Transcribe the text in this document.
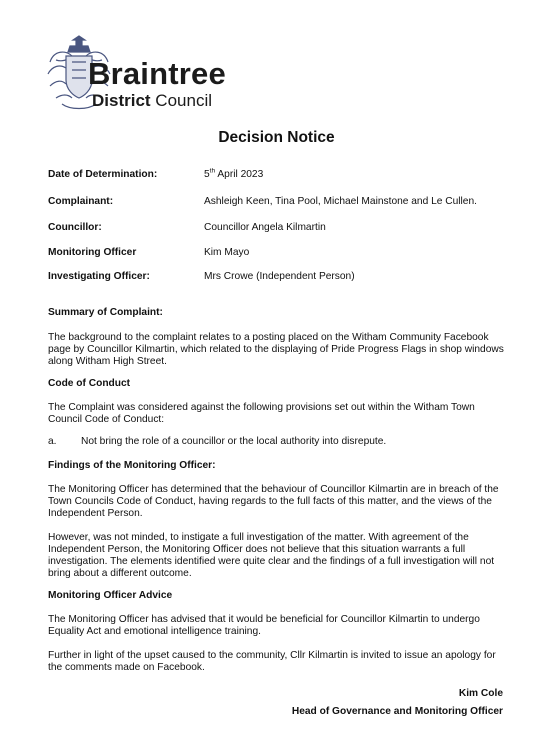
Braintree
District Council
Decision Notice
Date of Determination:	5th April 2023
Complainant:	Ashleigh Keen, Tina Pool, Michael Mainstone and Le Cullen.
Councillor:	Councillor Angela Kilmartin
Monitoring Officer	Kim Mayo
Investigating Officer:	Mrs Crowe (Independent Person)
Summary of Complaint:
The background to the complaint relates to a posting placed on the Witham Community Facebook page by Councillor Kilmartin, which related to the displaying of Pride Progress Flags in shop windows along Witham High Street.
Code of Conduct
The Complaint was considered against the following provisions set out within the Witham Town Council Code of Conduct:
a. Not bring the role of a councillor or the local authority into disrepute.
Findings of the Monitoring Officer:
The Monitoring Officer has determined that the behaviour of Councillor Kilmartin are in breach of the Town Councils Code of Conduct, having regards to the full facts of this matter, and the views of the Independent Person.
However, was not minded, to instigate a full investigation of the matter. With agreement of the Independent Person, the Monitoring Officer does not believe that this situation warrants a full investigation. The elements identified were quite clear and the findings of a full investigation will not bring about a different outcome.
Monitoring Officer Advice
The Monitoring Officer has advised that it would be beneficial for Councillor Kilmartin to undergo Equality Act and emotional intelligence training.
Further in light of the upset caused to the community, Cllr Kilmartin is invited to issue an apology for the comments made on Facebook.
Kim Cole
Head of Governance and Monitoring Officer
